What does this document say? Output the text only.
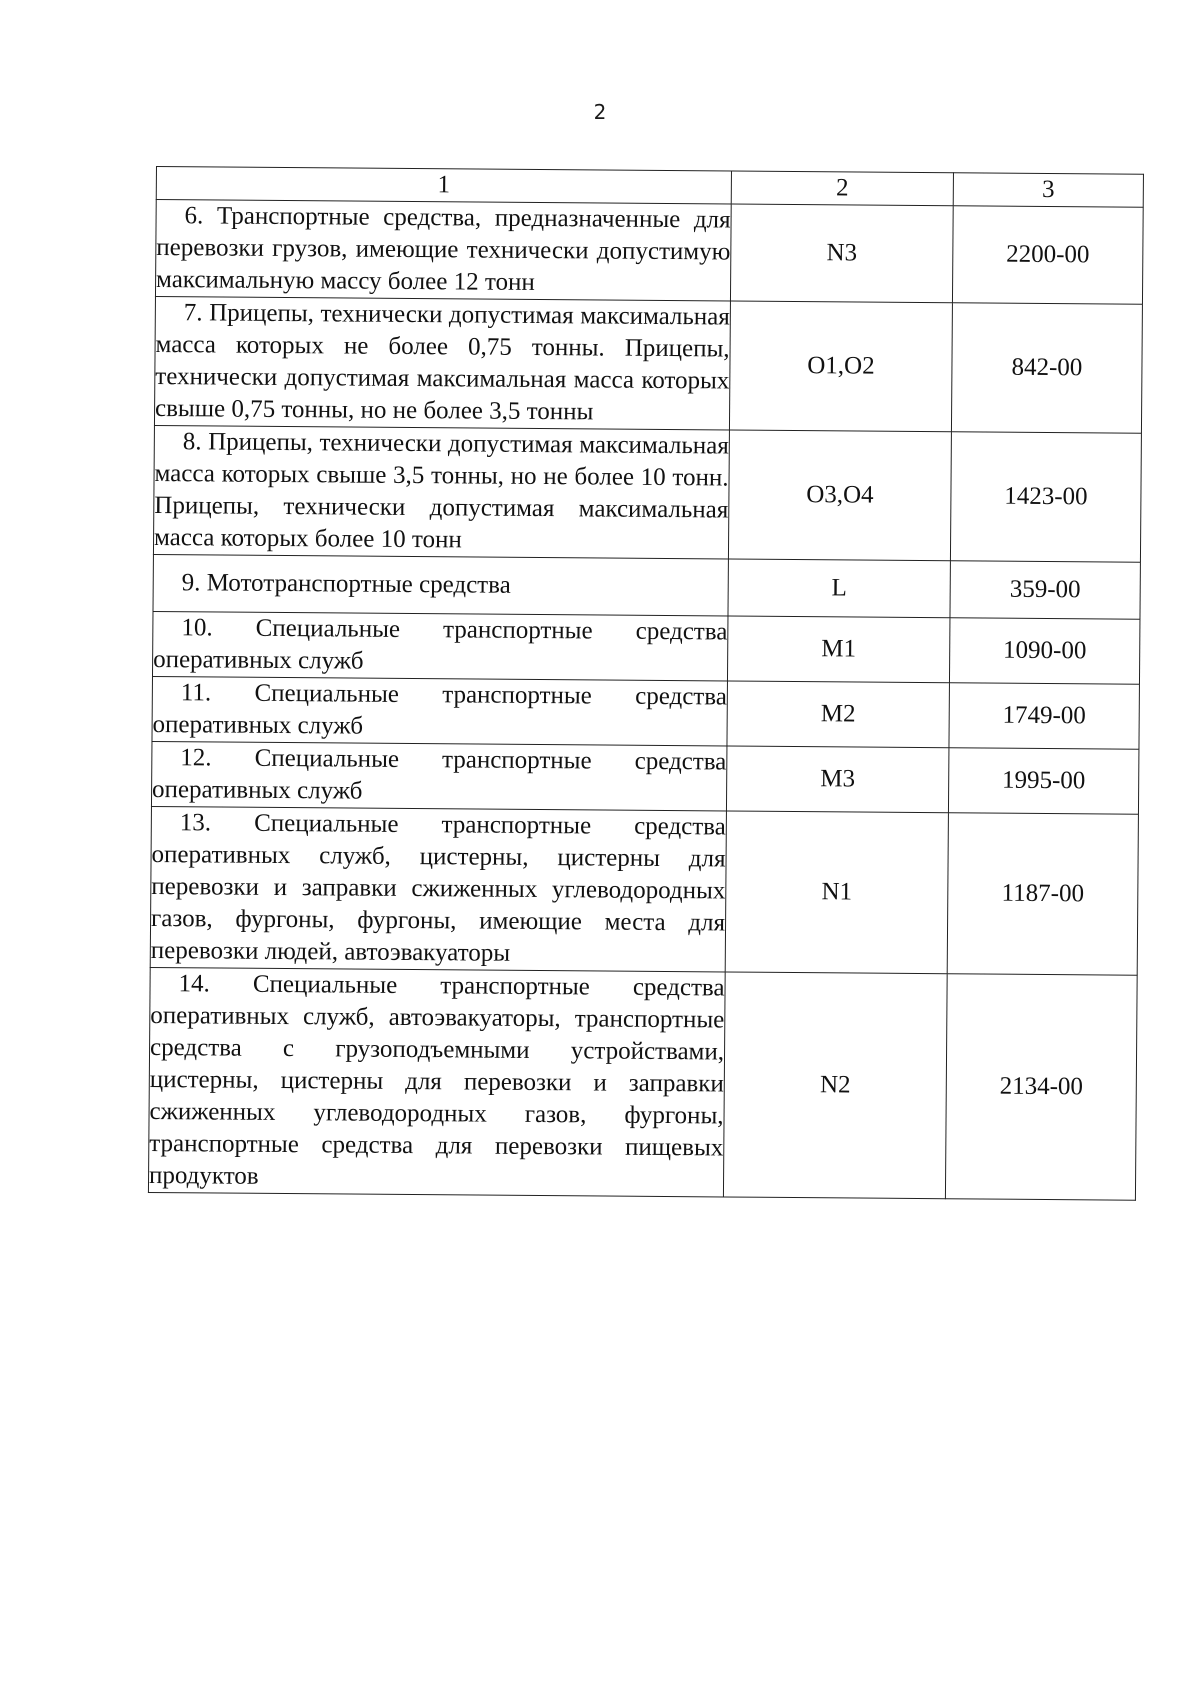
2
1	2	3

6. Транспортные средства, предназначенные для перевозки грузов, имеющие технически допустимую максимальную массу более 12 тонн	N3	2200-00

7. Прицепы, технически допустимая максимальная масса которых не более 0,75 тонны. Прицепы, технически допустимая максимальная масса которых свыше 0,75 тонны, но не более 3,5 тонны	O1,O2	842-00

8. Прицепы, технически допустимая максимальная масса которых свыше 3,5 тонны, но не более 10 тонн. Прицепы, технически допустимая максимальная масса которых более 10 тонн	O3,O4	1423-00

9. Мототранспортные средства	L	359-00

10. Специальные транспортные средства оперативных служб	M1	1090-00

11. Специальные транспортные средства оперативных служб	M2	1749-00

12. Специальные транспортные средства оперативных служб	M3	1995-00

13. Специальные транспортные средства оперативных служб, цистерны, цистерны для перевозки и заправки сжиженных углеводородных газов, фургоны, фургоны, имеющие места для перевозки людей, автоэвакуаторы	N1	1187-00

14. Специальные транспортные средства оперативных служб, автоэвакуаторы, транспортные средства с грузоподъемными устройствами, цистерны, цистерны для перевозки и заправки сжиженных углеводородных газов, фургоны, транспортные средства для перевозки пищевых продуктов	N2	2134-00
